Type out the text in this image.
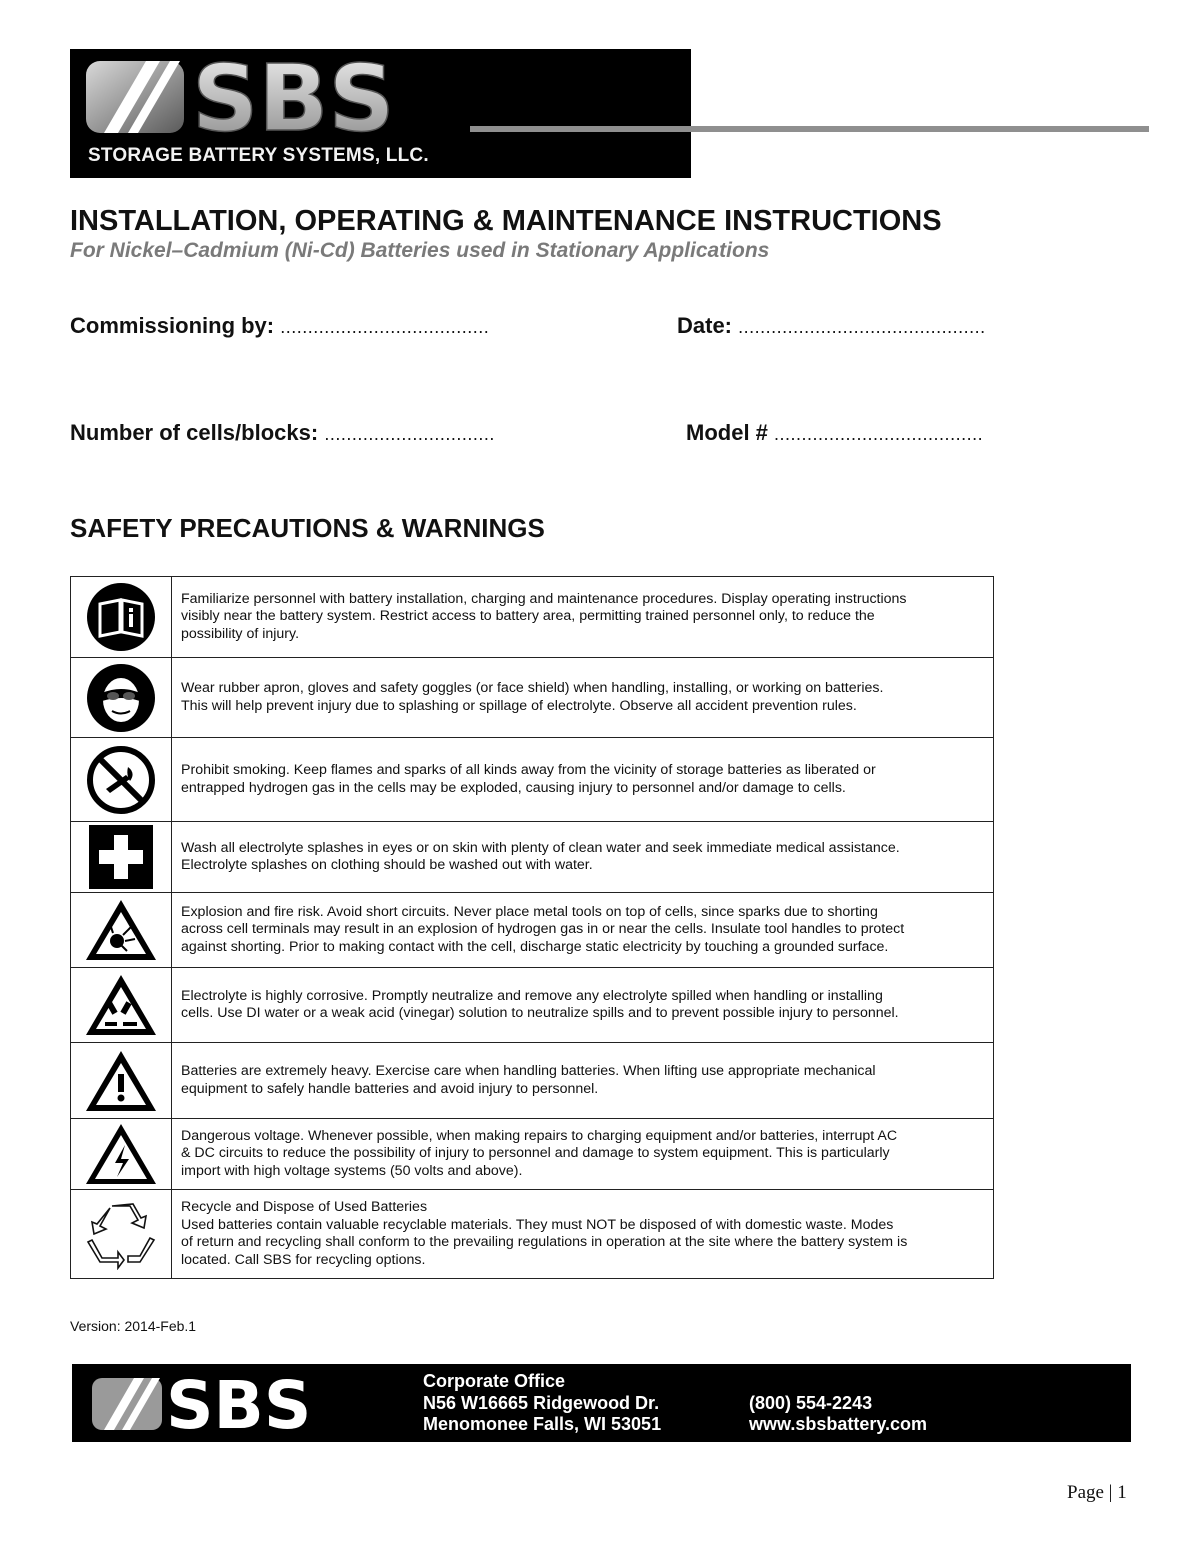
SBS
STORAGE BATTERY SYSTEMS, LLC.
INSTALLATION, OPERATING & MAINTENANCE INSTRUCTIONS
For Nickel–Cadmium (Ni-Cd) Batteries used in Stationary Applications
Commissioning by: ......................................	Date: .............................................
Number of cells/blocks: ...............................	Model # ......................................
SAFETY PRECAUTIONS & WARNINGS
Familiarize personnel with battery installation, charging and maintenance procedures. Display operating instructions
visibly near the battery system. Restrict access to battery area, permitting trained personnel only, to reduce the
possibility of injury.
Wear rubber apron, gloves and safety goggles (or face shield) when handling, installing, or working on batteries.
This will help prevent injury due to splashing or spillage of electrolyte. Observe all accident prevention rules.
Prohibit smoking. Keep flames and sparks of all kinds away from the vicinity of storage batteries as liberated or
entrapped hydrogen gas in the cells may be exploded, causing injury to personnel and/or damage to cells.
Wash all electrolyte splashes in eyes or on skin with plenty of clean water and seek immediate medical assistance.
Electrolyte splashes on clothing should be washed out with water.
Explosion and fire risk. Avoid short circuits. Never place metal tools on top of cells, since sparks due to shorting
across cell terminals may result in an explosion of hydrogen gas in or near the cells. Insulate tool handles to protect
against shorting. Prior to making contact with the cell, discharge static electricity by touching a grounded surface.
Electrolyte is highly corrosive. Promptly neutralize and remove any electrolyte spilled when handling or installing
cells. Use DI water or a weak acid (vinegar) solution to neutralize spills and to prevent possible injury to personnel.
Batteries are extremely heavy. Exercise care when handling batteries. When lifting use appropriate mechanical
equipment to safely handle batteries and avoid injury to personnel.
Dangerous voltage. Whenever possible, when making repairs to charging equipment and/or batteries, interrupt AC
& DC circuits to reduce the possibility of injury to personnel and damage to system equipment. This is particularly
import with high voltage systems (50 volts and above).
Recycle and Dispose of Used Batteries
Used batteries contain valuable recyclable materials. They must NOT be disposed of with domestic waste. Modes
of return and recycling shall conform to the prevailing regulations in operation at the site where the battery system is
located. Call SBS for recycling options.
Version: 2014-Feb.1
SBS	Corporate Office
N56 W16665 Ridgewood Dr.
Menomonee Falls, WI 53051
(800) 554-2243
www.sbsbattery.com
Page | 1
